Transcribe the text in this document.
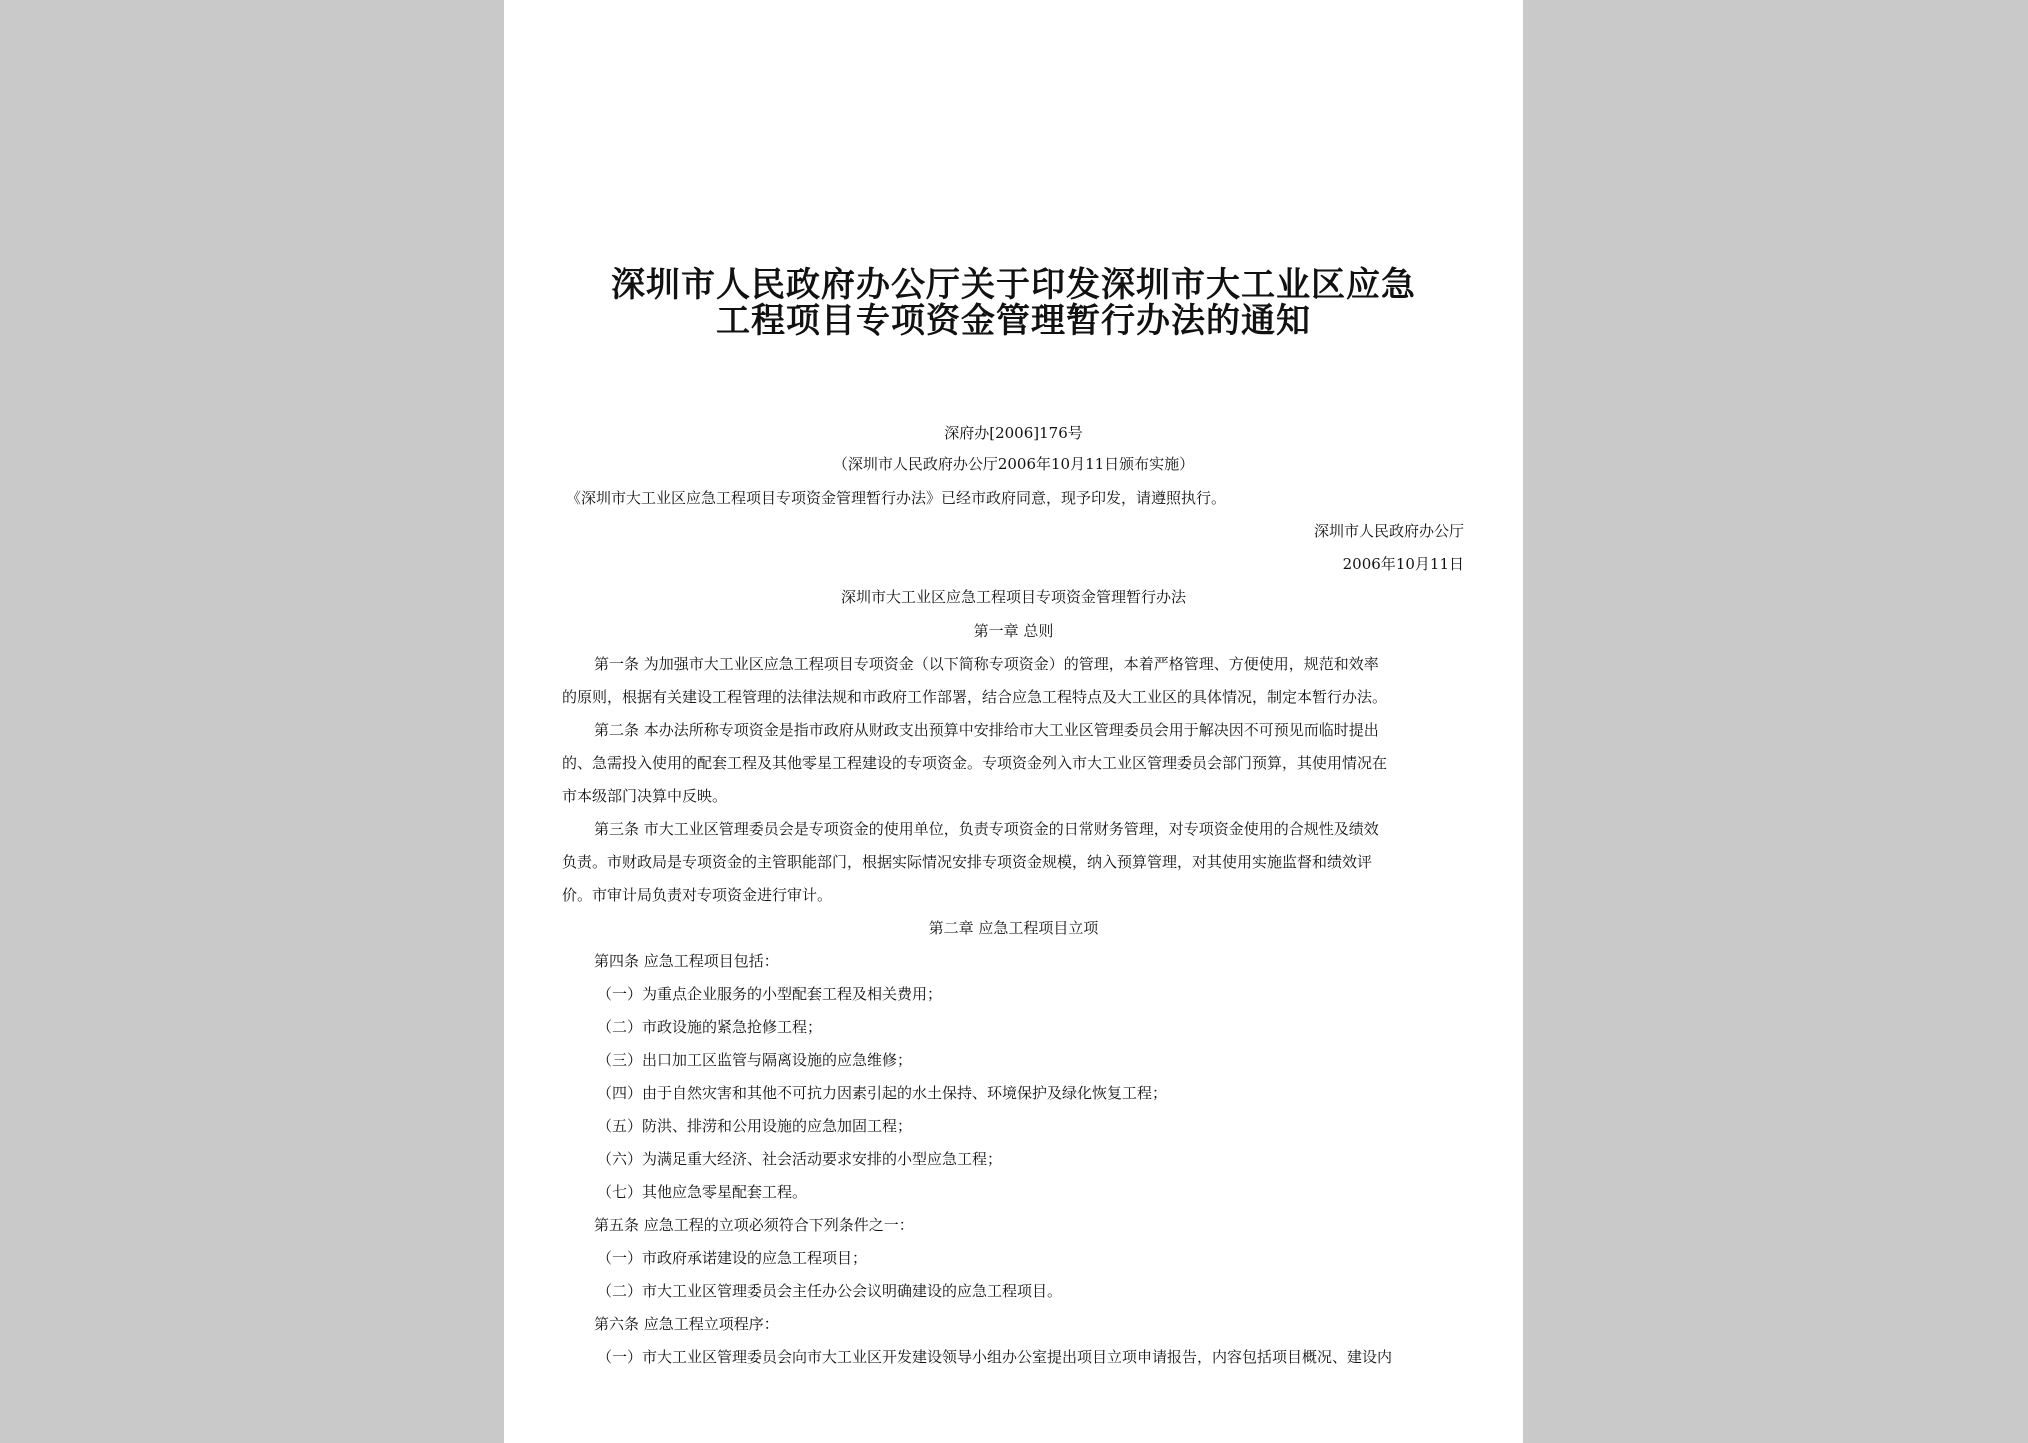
深圳市人民政府办公厅关于印发深圳市大工业区应急
工程项目专项资金管理暂行办法的通知
深府办[2006]176号
（深圳市人民政府办公厅2006年10月11日颁布实施）
《深圳市大工业区应急工程项目专项资金管理暂行办法》已经市政府同意，现予印发，请遵照执行。
深圳市人民政府办公厅
2006年10月11日
深圳市大工业区应急工程项目专项资金管理暂行办法
第一章 总则
第一条 为加强市大工业区应急工程项目专项资金（以下简称专项资金）的管理，本着严格管理、方便使用，规范和效率
的原则，根据有关建设工程管理的法律法规和市政府工作部署，结合应急工程特点及大工业区的具体情况，制定本暂行办法。
第二条 本办法所称专项资金是指市政府从财政支出预算中安排给市大工业区管理委员会用于解决因不可预见而临时提出
的、急需投入使用的配套工程及其他零星工程建设的专项资金。专项资金列入市大工业区管理委员会部门预算，其使用情况在
市本级部门决算中反映。
第三条 市大工业区管理委员会是专项资金的使用单位，负责专项资金的日常财务管理，对专项资金使用的合规性及绩效
负责。市财政局是专项资金的主管职能部门，根据实际情况安排专项资金规模，纳入预算管理，对其使用实施监督和绩效评
价。市审计局负责对专项资金进行审计。
第二章 应急工程项目立项
第四条 应急工程项目包括：
（一）为重点企业服务的小型配套工程及相关费用；
（二）市政设施的紧急抢修工程；
（三）出口加工区监管与隔离设施的应急维修；
（四）由于自然灾害和其他不可抗力因素引起的水土保持、环境保护及绿化恢复工程；
（五）防洪、排涝和公用设施的应急加固工程；
（六）为满足重大经济、社会活动要求安排的小型应急工程；
（七）其他应急零星配套工程。
第五条 应急工程的立项必须符合下列条件之一：
（一）市政府承诺建设的应急工程项目；
（二）市大工业区管理委员会主任办公会议明确建设的应急工程项目。
第六条 应急工程立项程序：
（一）市大工业区管理委员会向市大工业区开发建设领导小组办公室提出项目立项申请报告，内容包括项目概况、建设内
